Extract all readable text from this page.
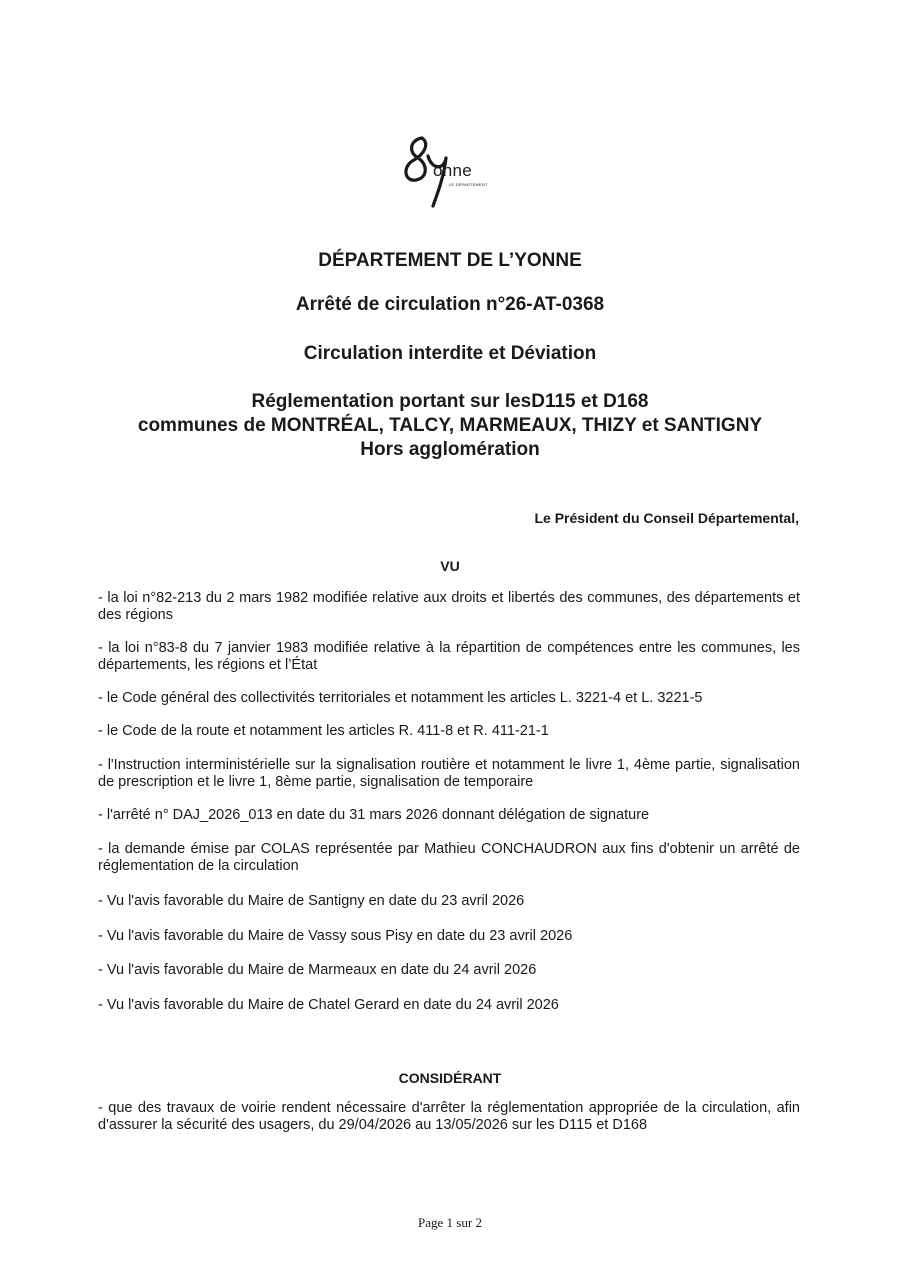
onne
LE DÉPARTEMENT
DÉPARTEMENT DE L’YONNE
Arrêté de circulation n°26-AT-0368
Circulation interdite et Déviation
Réglementation portant sur lesD115 et D168
communes de MONTRÉAL, TALCY, MARMEAUX, THIZY et SANTIGNY
Hors agglomération
Le Président du Conseil Départemental,
VU
- la loi n°82-213 du 2 mars 1982 modifiée relative aux droits et libertés des communes, des départements et des régions
- la loi n°83-8 du 7 janvier 1983 modifiée relative à la répartition de compétences entre les communes, les départements, les régions et l’État
- le Code général des collectivités territoriales et notamment les articles L. 3221-4 et L. 3221-5
- le Code de la route et notamment les articles R. 411-8 et R. 411-21-1
- l'Instruction interministérielle sur la signalisation routière et notamment le livre 1, 4ème partie, signalisation de prescription et le livre 1, 8ème partie, signalisation de temporaire
- l'arrêté n° DAJ_2026_013 en date du 31 mars 2026 donnant délégation de signature
- la demande émise par COLAS représentée par Mathieu CONCHAUDRON aux fins d'obtenir un arrêté de réglementation de la circulation
- Vu l'avis favorable du Maire de Santigny en date du 23 avril 2026
- Vu l'avis favorable du Maire de Vassy sous Pisy en date du 23 avril 2026
- Vu l'avis favorable du Maire de Marmeaux en date du 24 avril 2026
- Vu l'avis favorable du Maire de Chatel Gerard en date du 24 avril 2026
CONSIDÉRANT
- que des travaux de voirie rendent nécessaire d'arrêter la réglementation appropriée de la circulation, afin d'assurer la sécurité des usagers, du 29/04/2026 au 13/05/2026 sur les D115 et D168
Page 1 sur 2
